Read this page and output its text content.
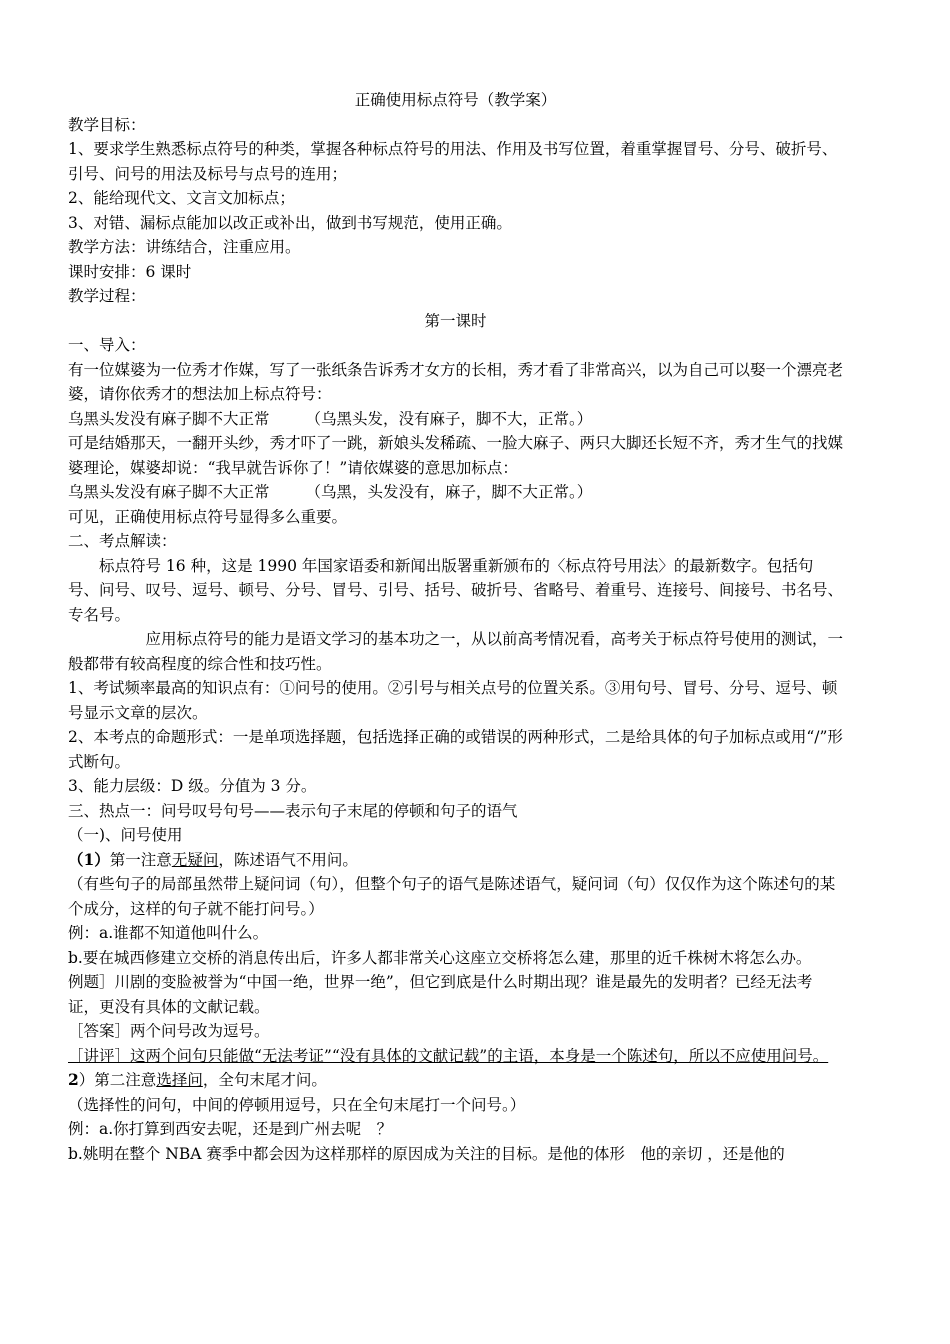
正确使用标点符号（教学案）

教学目标：

1、要求学生熟悉标点符号的种类，掌握各种标点符号的用法、作用及书写位置，着重掌握冒号、分号、破折号、引号、问号的用法及标号与点号的连用；

2、能给现代文、文言文加标点；

3、对错、漏标点能加以改正或补出，做到书写规范，使用正确。

教学方法：讲练结合，注重应用。

课时安排：6 课时

教学过程：

第一课时

一、导入：

有一位媒婆为一位秀才作媒，写了一张纸条告诉秀才女方的长相，秀才看了非常高兴，以为自己可以娶一个漂亮老婆，请你依秀才的想法加上标点符号：

乌黑头发没有麻子脚不大正常 （乌黑头发，没有麻子，脚不大，正常。）

可是结婚那天，一翻开头纱，秀才吓了一跳，新娘头发稀疏、一脸大麻子、两只大脚还长短不齐，秀才生气的找媒婆理论，媒婆却说：“我早就告诉你了！”请依媒婆的意思加标点：

乌黑头发没有麻子脚不大正常 （乌黑，头发没有，麻子，脚不大正常。）

可见，正确使用标点符号显得多么重要。

二、考点解读：

标点符号 16 种，这是 1990 年国家语委和新闻出版署重新颁布的〈标点符号用法〉的最新数字。包括句号、问号、叹号、逗号、顿号、分号、冒号、引号、括号、破折号、省略号、着重号、连接号、间接号、书名号、专名号。

应用标点符号的能力是语文学习的基本功之一，从以前高考情况看，高考关于标点符号使用的测试，一般都带有较高程度的综合性和技巧性。

1、考试频率最高的知识点有：①问号的使用。②引号与相关点号的位置关系。③用句号、冒号、分号、逗号、顿号显示文章的层次。

2、本考点的命题形式：一是单项选择题，包括选择正确的或错误的两种形式，二是给具体的句子加标点或用“/”形式断句。

3、能力层级：D 级。分值为 3 分。

三、热点一：问号叹号句号——表示句子末尾的停顿和句子的语气

（一)、问号使用

（1）第一注意无疑问，陈述语气不用问。

（有些句子的局部虽然带上疑问词（句），但整个句子的语气是陈述语气，疑问词（句）仅仅作为这个陈述句的某个成分，这样的句子就不能打问号。）

例：a.谁都不知道他叫什么。

b.要在城西修建立交桥的消息传出后，许多人都非常关心这座立交桥将怎么建，那里的近千株树木将怎么办。

例题］川剧的变脸被誉为“中国一绝，世界一绝”，但它到底是什么时期出现？谁是最先的发明者？已经无法考证，更没有具体的文献记载。

［答案］两个问号改为逗号。

［讲评］这两个问句只能做“无法考证”“没有具体的文献记载”的主语，本身是一个陈述句，所以不应使用问号。

2）第二注意选择问，全句末尾才问。

（选择性的问句，中间的停顿用逗号，只在全句末尾打一个问号。）

例：a.你打算到西安去呢，还是到广州去呢　？

b.姚明在整个 NBA 赛季中都会因为这样那样的原因成为关注的目标。是他的体形　他的亲切 ，还是他的
